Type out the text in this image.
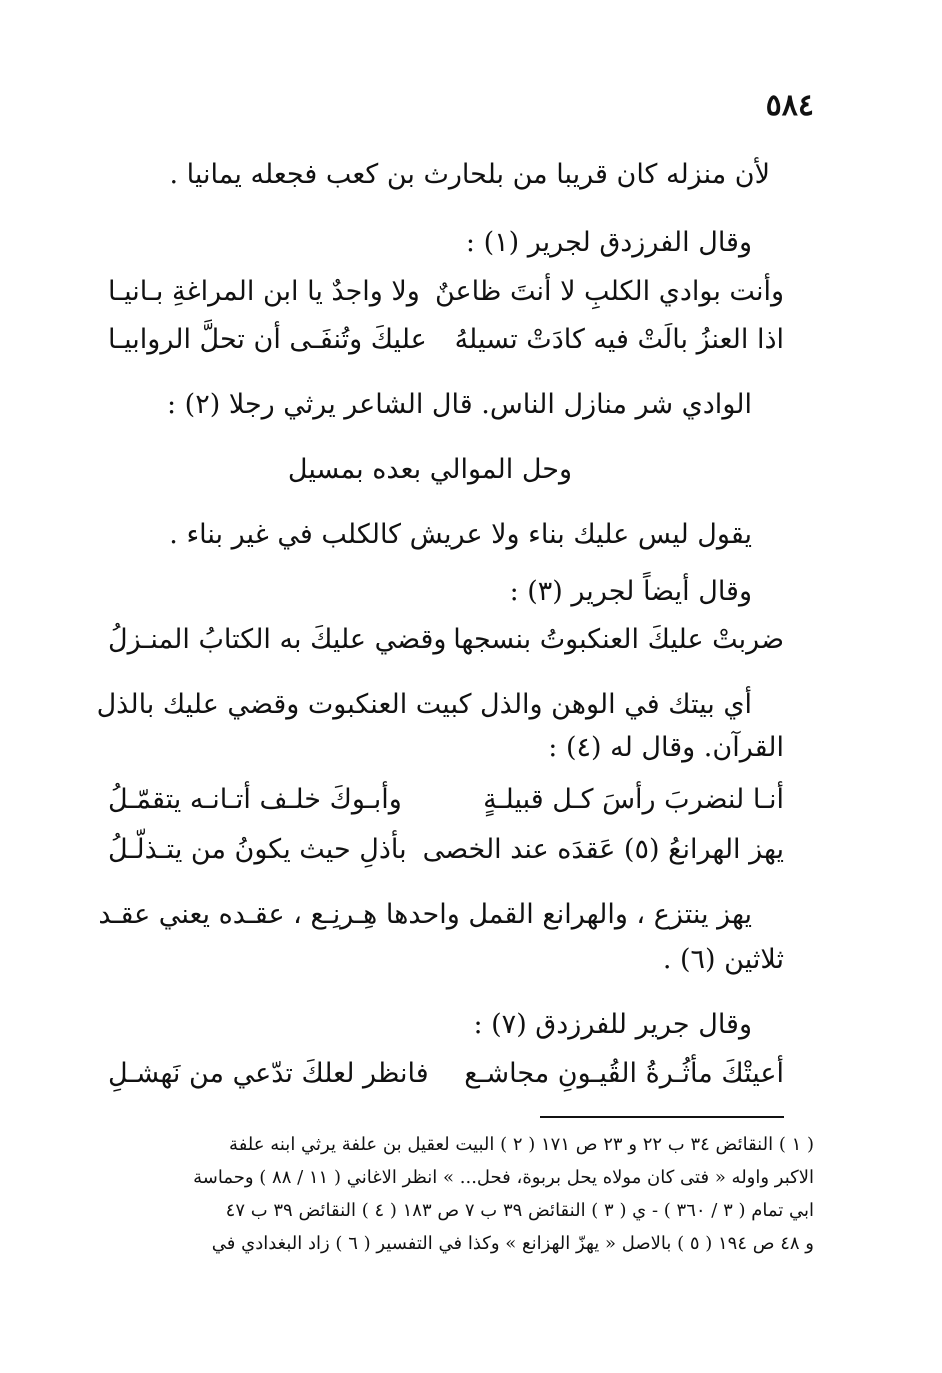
٥٨٤
لأن منزله كان قريبا من بلحارث بن كعب فجعله يمانيا .
وقال الفرزدق لجرير (١) :
وأنت بوادي الكلبِ لا أنتَ ظاعنٌ
ولا واجدٌ يا ابن المراغةِ بـانيـا
اذا العنزُ بالَتْ فيه كادَتْ تسيلهُ
عليكَ وتُنفَـى أن تحلَّ الروابيـا
الوادي شر منازل الناس. قال الشاعر يرثي رجلا (٢) :
وحل الموالي بعده بمسيل
يقول ليس عليك بناء ولا عريش كالكلب في غير بناء .
وقال أيضاً لجرير (٣) :
ضربتْ عليكَ العنكبوتُ بنسجها
وقضي عليكَ به الكتابُ المنـزلُ
أي بيتك في الوهن والذل كبيت العنكبوت وقضي عليك بالذل
القرآن. وقال له (٤) :
أنـا لنضربَ رأسَ كـل قبيلـةٍ
وأبـوكَ خلـف أتـانـه يتقمّـلُ
يهز الهرانعُ (٥) عَقدَه عند الخصى
بأذلِ حيث يكونُ من يتـذلّـلُ
يهز ينتزع ، والهرانع القمل واحدها هِـرنِـع ، عقـده يعني عقـد
ثلاثين (٦) .
وقال جرير للفرزدق (٧) :
أعيتْكَ مأثُـرةُ القُيـونِ مجاشـع
فانظر لعلكَ تدّعي من نَهشـلِ
( ١ ) النقائض ٣٤ ب ٢٢ و ٢٣ ص ١٧١ ( ٢ ) البيت لعقيل بن علفة يرثي ابنه علفة
الاكبر واوله « فتى كان مولاه يحل بربوة، فحل... » انظر الاغاني ( ١١ / ٨٨ ) وحماسة
ابي تمام ( ٣ / ٣٦٠ ) - ي ( ٣ ) النقائض ٣٩ ب ٧ ص ١٨٣ ( ٤ ) النقائض ٣٩ ب ٤٧
و ٤٨ ص ١٩٤ ( ٥ ) بالاصل « يهزّ الهزانع » وكذا في التفسير ( ٦ ) زاد البغدادي في
